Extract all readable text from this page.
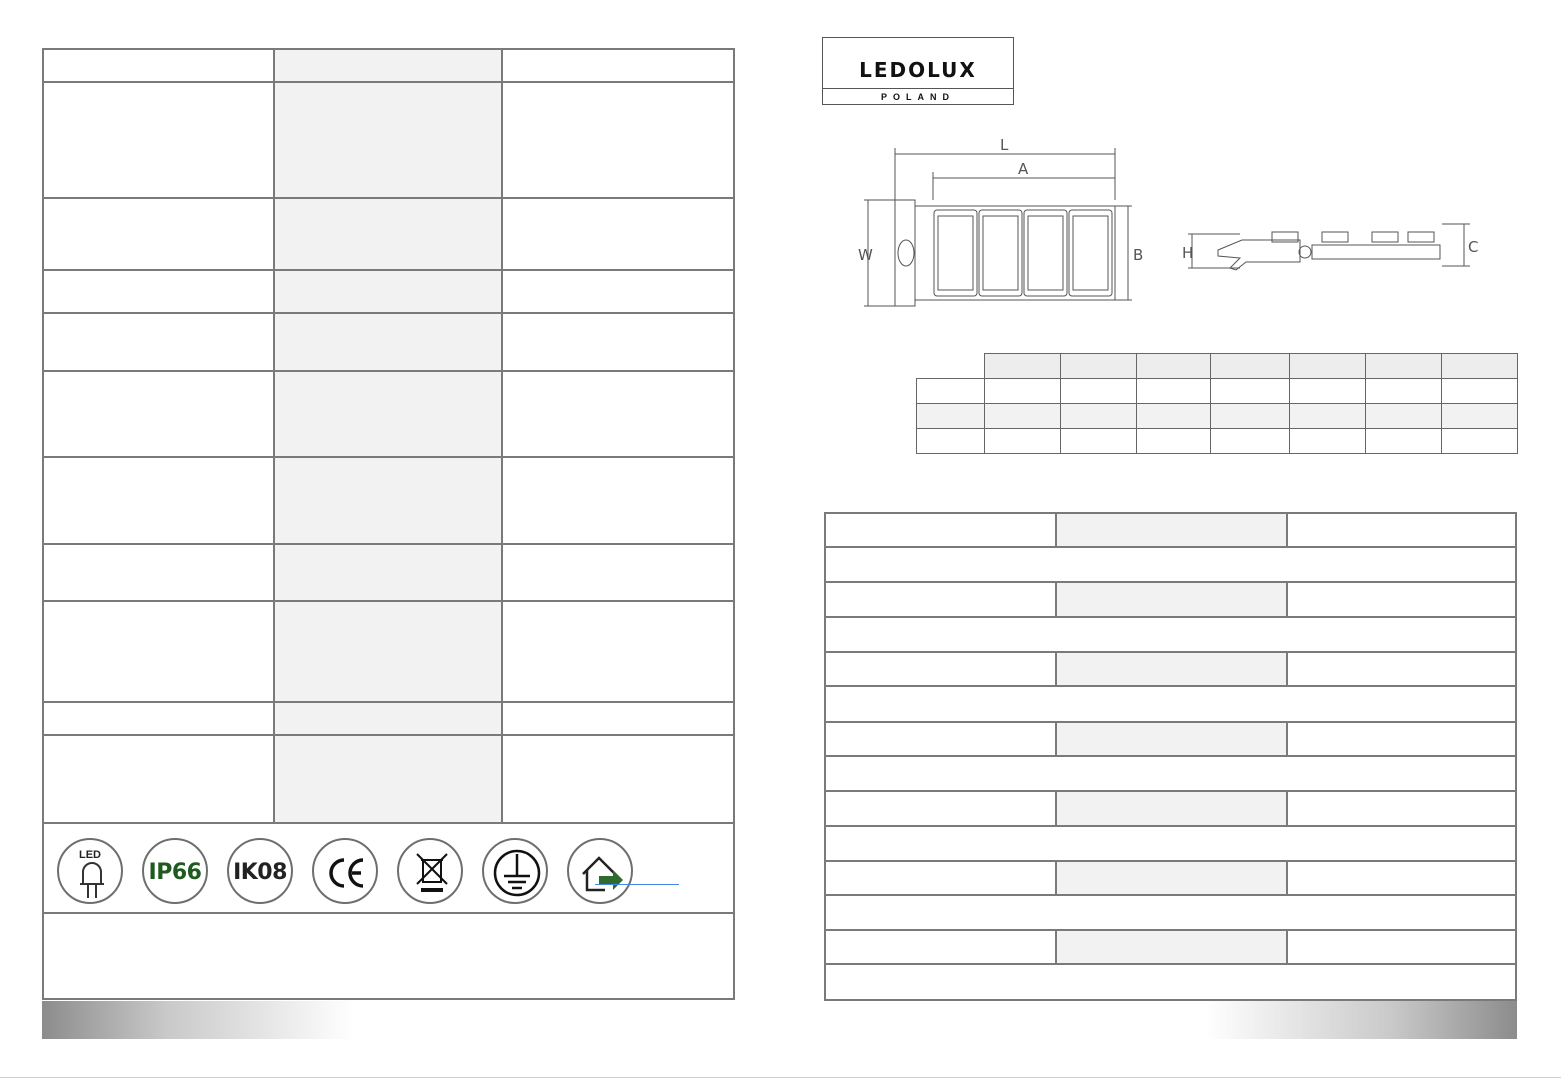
LED
IP66 IK08
LEDOLUX
POLAND
L
A
W	B	H	C
